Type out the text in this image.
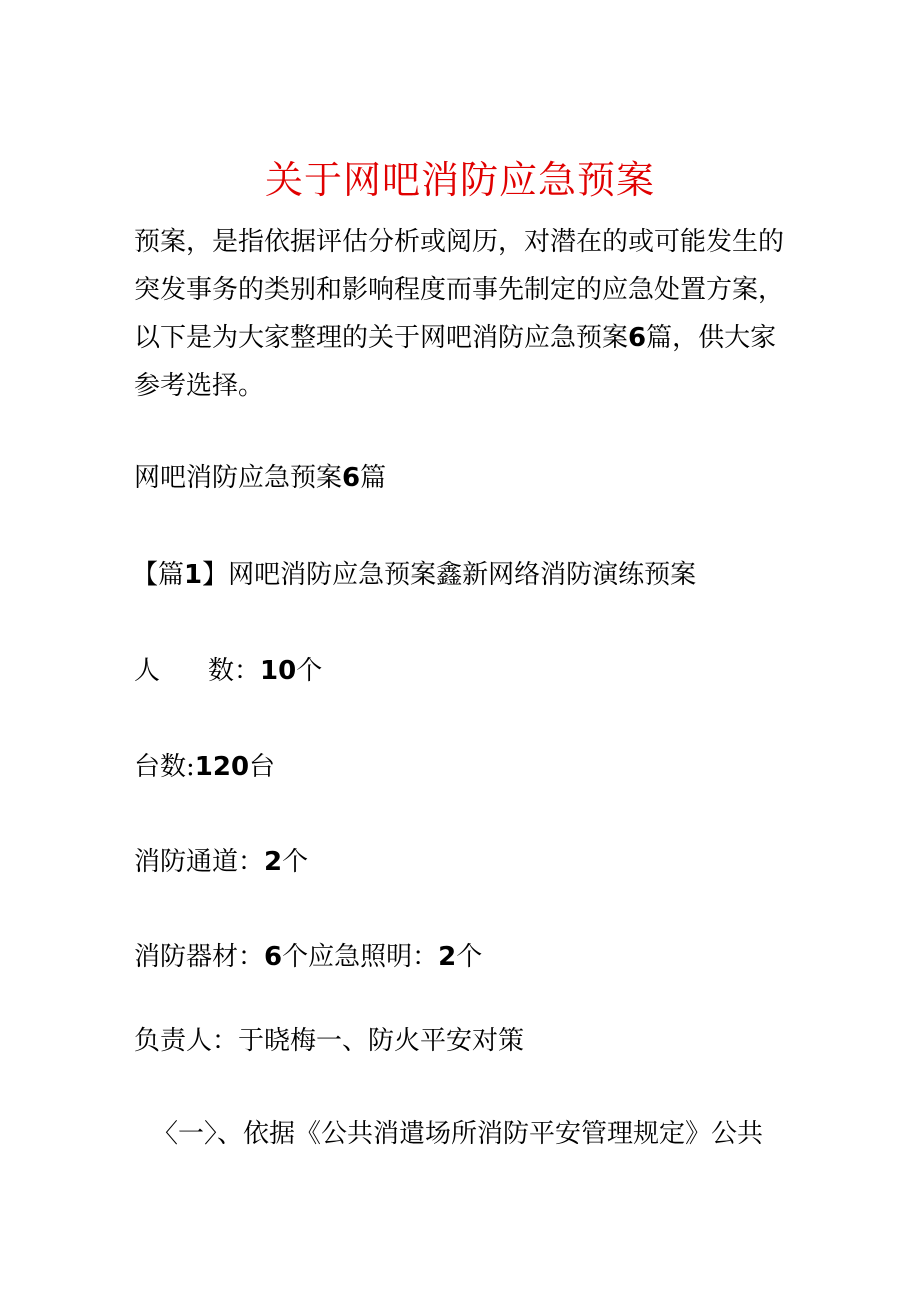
关于网吧消防应急预案

预案，是指依据评估分析或阅历，对潜在的或可能发生的突发事务的类别和影响程度而事先制定的应急处置方案，以下是为大家整理的关于网吧消防应急预案6篇，供大家参考选择。

网吧消防应急预案6篇
【篇1】网吧消防应急预案鑫新网络消防演练预案
人 数：10个
台数:120台
消防通道：2个
消防器材：6个应急照明：2个
负责人：于晓梅一、防火平安对策
〈一〉、依据《公共消遣场所消防平安管理规定》公共
